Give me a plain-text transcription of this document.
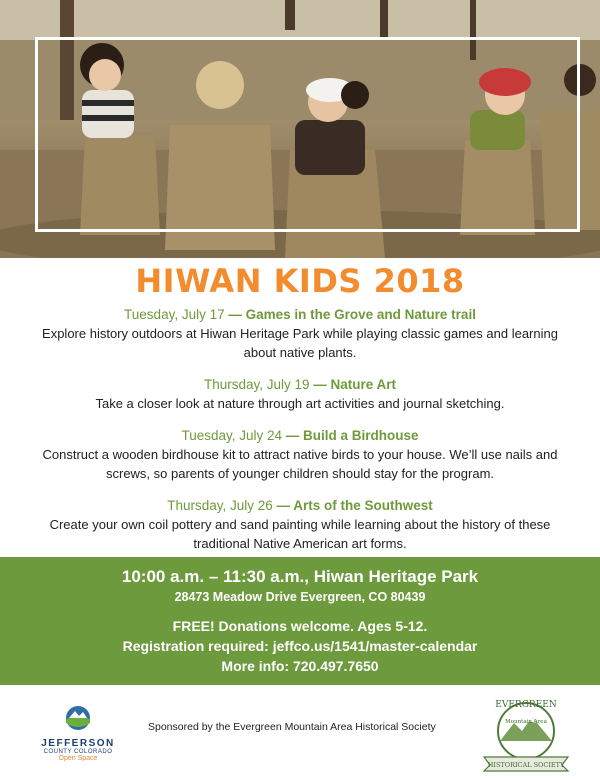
HIWAN KIDS 2018
Tuesday, July 17 — Games in the Grove and Nature trail
Explore history outdoors at Hiwan Heritage Park while playing classic games and learning about native plants.
Thursday, July 19 — Nature Art
Take a closer look at nature through art activities and journal sketching.
Tuesday, July 24 — Build a Birdhouse
Construct a wooden birdhouse kit to attract native birds to your house. We’ll use nails and screws, so parents of younger children should stay for the program.
Thursday, July 26 — Arts of the Southwest
Create your own coil pottery and sand painting while learning about the history of these traditional Native American art forms.
10:00 a.m. – 11:30 a.m., Hiwan Heritage Park
28473 Meadow Drive Evergreen, CO 80439
FREE! Donations welcome. Ages 5-12.
Registration required: jeffco.us/1541/master-calendar
More info: 720.497.7650
JEFFERSON
COUNTY COLORADO
Open Space
Sponsored by the Evergreen Mountain Area Historical Society
EVERGREEN
Mountain Area
HISTORICAL SOCIETY
